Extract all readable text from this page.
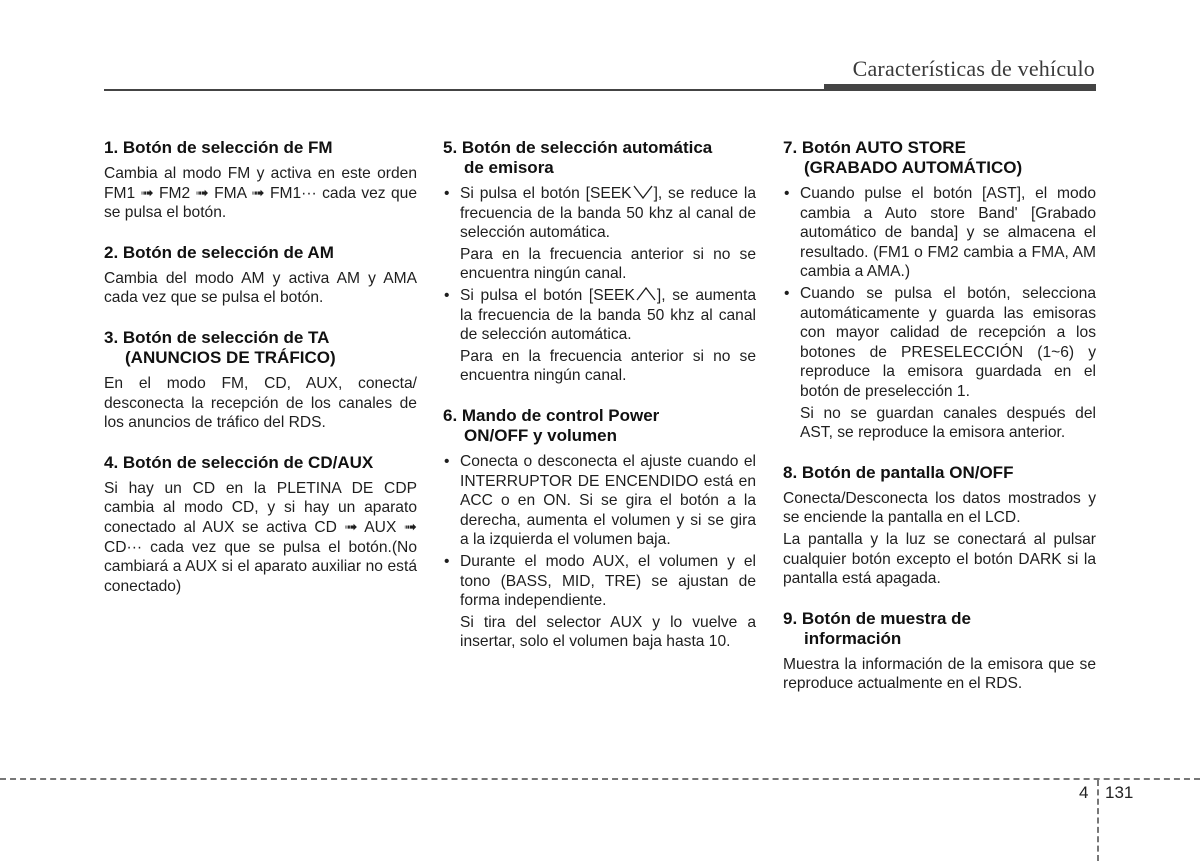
Características de vehículo
1. Botón de selección de FM

Cambia al modo FM y activa en este orden FM1 ➟ FM2 ➟ FMA ➟ FM1··· cada vez que se pulsa el botón.

2. Botón de selección de AM

Cambia del modo AM y activa AM y AMA cada vez que se pulsa el botón.

3. Botón de selección de TA
(ANUNCIOS DE TRÁFICO)

En el modo FM, CD, AUX, conecta/ desconecta la recepción de los canales de los anuncios de tráfico del RDS.

4. Botón de selección de CD/AUX

Si hay un CD en la PLETINA DE CDP cambia al modo CD, y si hay un aparato conectado al AUX se activa CD ➟ AUX ➟ CD··· cada vez que se pulsa el botón.(No cambiará a AUX si el aparato auxiliar no está conectado)

5. Botón de selección automática
de emisora
• Si pulsa el botón [SEEK ], se reduce la frecuencia de la banda 50 khz al canal de selección automática.
Para en la frecuencia anterior si no se encuentra ningún canal.
• Si pulsa el botón [SEEK ], se aumenta la frecuencia de la banda 50 khz al canal de selección automática.
Para en la frecuencia anterior si no se encuentra ningún canal.
6. Mando de control Power
ON/OFF y volumen
• Conecta o desconecta el ajuste cuando el INTERRUPTOR DE ENCENDIDO está en ACC o en ON. Si se gira el botón a la derecha, aumenta el volumen y si se gira a la izquierda el volumen baja.
• Durante el modo AUX, el volumen y el tono (BASS, MID, TRE) se ajustan de forma independiente.
Si tira del selector AUX y lo vuelve a insertar, solo el volumen baja hasta 10.
7. Botón AUTO STORE
(GRABADO AUTOMÁTICO)
• Cuando pulse el botón [AST], el modo cambia a Auto store Band' [Grabado automático de banda] y se almacena el resultado. (FM1 o FM2 cambia a FMA, AM cambia a AMA.)
• Cuando se pulsa el botón, selecciona automáticamente y guarda las emisoras con mayor calidad de recepción a los botones de PRESELECCIÓN (1~6) y reproduce la emisora guardada en el botón de preselección 1.
Si no se guardan canales después del AST, se reproduce la emisora anterior.
8. Botón de pantalla ON/OFF

Conecta/Desconecta los datos mostrados y se enciende la pantalla en el LCD.

La pantalla y la luz se conectará al pulsar cualquier botón excepto el botón DARK si la pantalla está apagada.

9. Botón de muestra de
información

Muestra la información de la emisora que se reproduce actualmente en el RDS.

4 131
